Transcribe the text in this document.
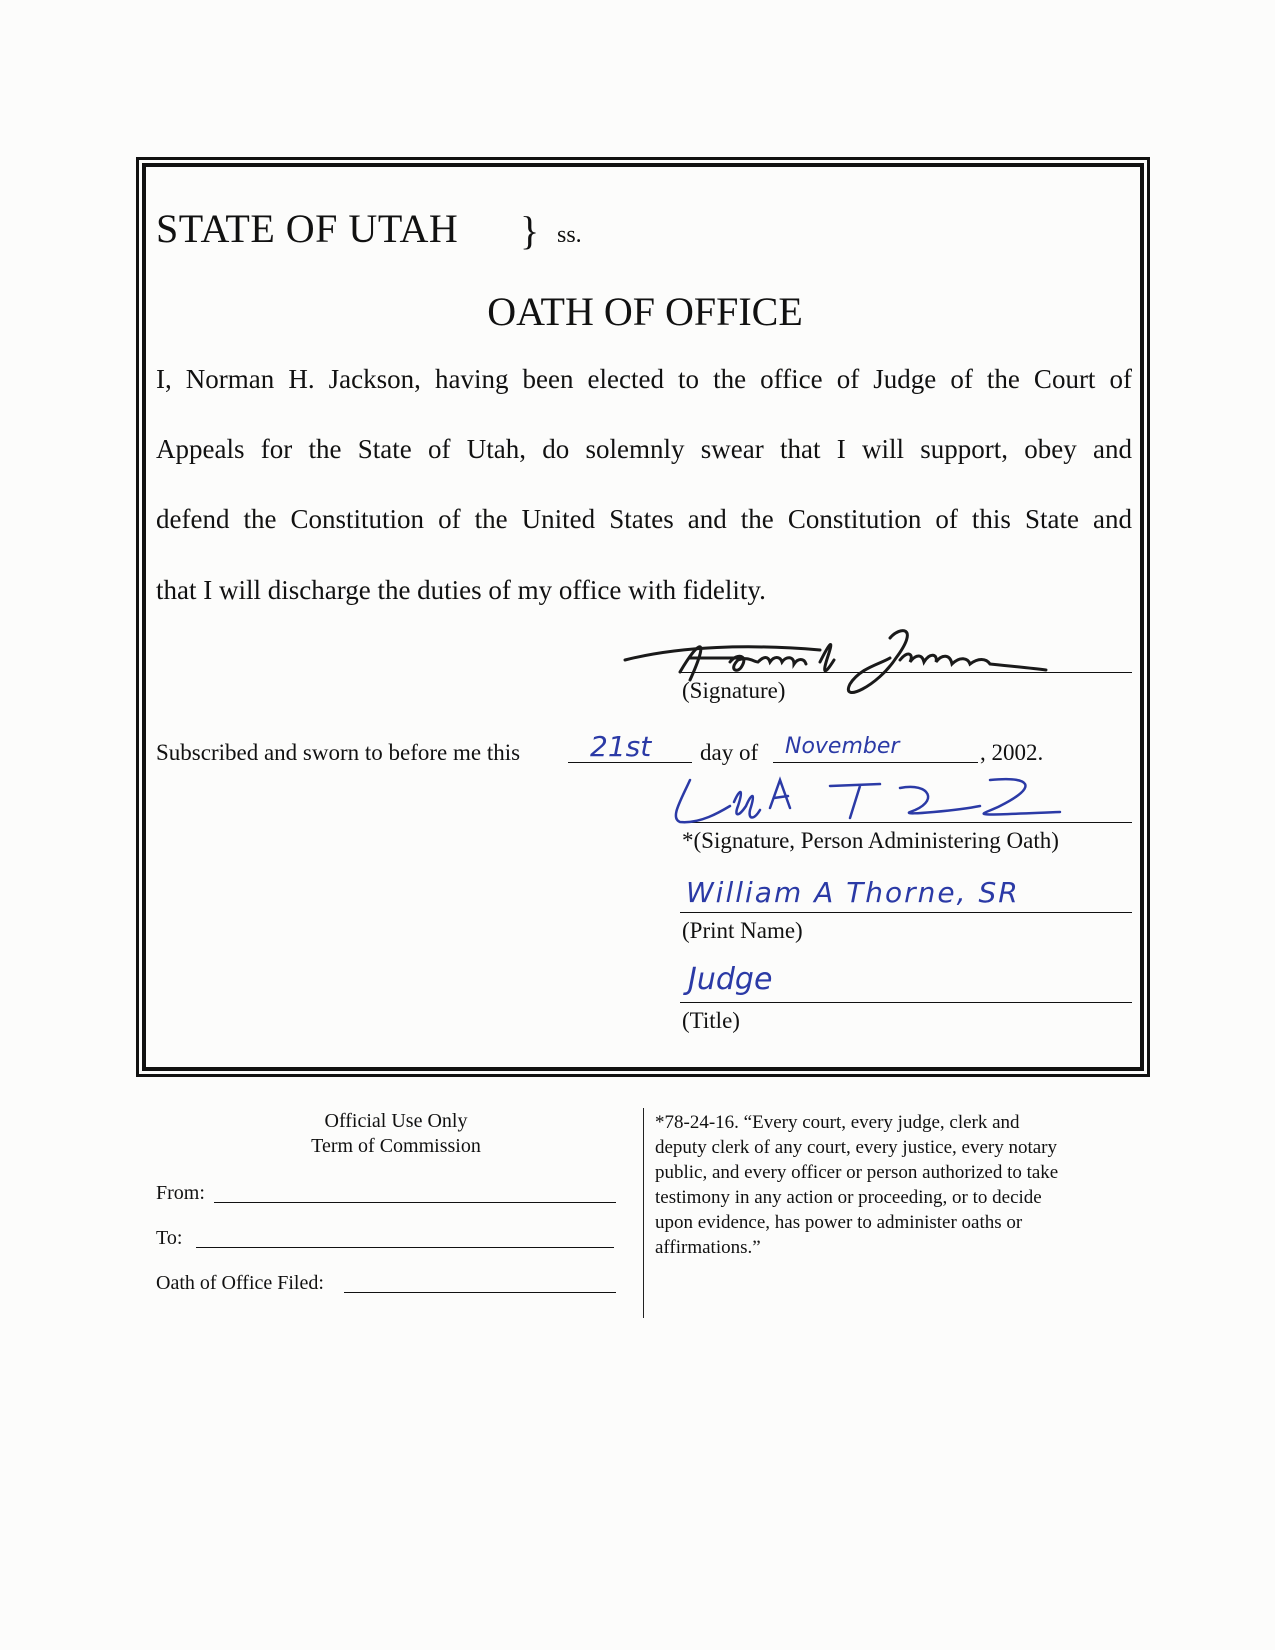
STATE OF UTAH } ss.
OATH OF OFFICE
I, Norman H. Jackson, having been elected to the office of Judge of the Court of
Appeals for the State of Utah, do solemnly swear that I will support, obey and
defend the Constitution of the United States and the Constitution of this State and
that I will discharge the duties of my office with fidelity.
(Signature)
Subscribed and sworn to before me this 21st day of November	, 2002.
*(Signature, Person Administering Oath)
William A Thorne, SR
(Print Name)
Judge
(Title)
Official Use Only
Term of Commission
From:
To:
Oath of Office Filed:
*78-24-16. “Every court, every judge, clerk and
deputy clerk of any court, every justice, every notary
public, and every officer or person authorized to take
testimony in any action or proceeding, or to decide
upon evidence, has power to administer oaths or
affirmations.”
